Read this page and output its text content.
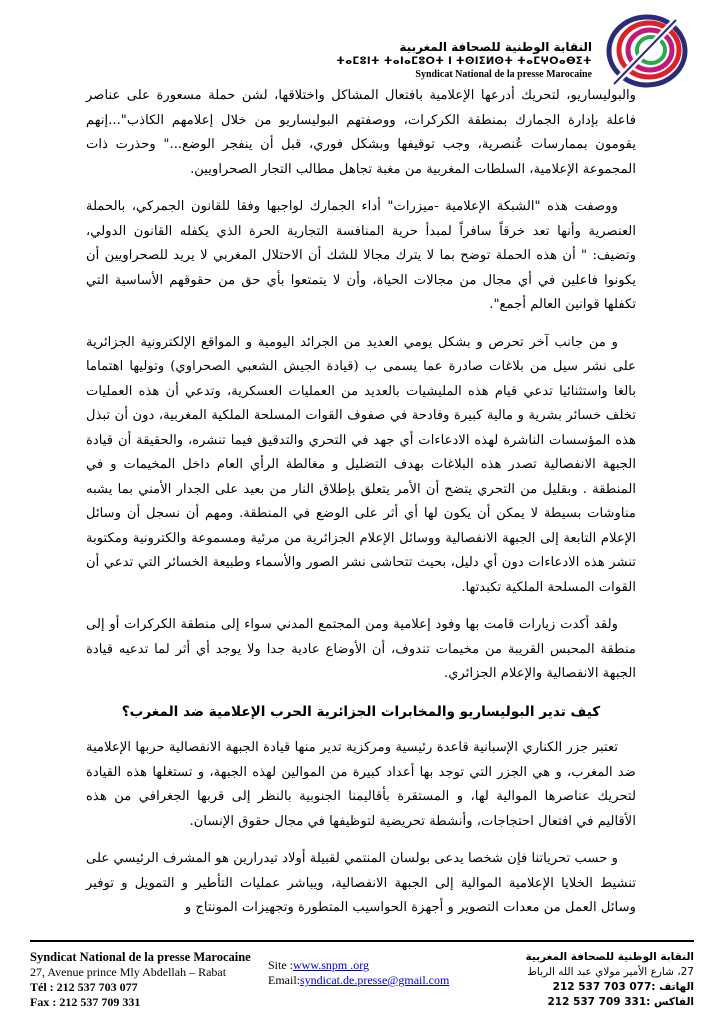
النقابة الوطنية للصحافة المغربية
ⵜⴰⵎⵓⵏⵜ ⵜⴰⵏⴰⵎⵓⵔⵜ ⵏ ⵜⵙⵏⵉⵍⵙⵜ ⵜⴰⵎⵖⵔⴰⴱⵉⵜ
Syndicat National de la presse Marocaine

والبوليساريو، لتحريك أدرعها الإعلامية بافتعال المشاكل واختلاقها، لشن حملة مسعورة على عناصر فاعلة بإدارة الجمارك بمنطقة الكركرات، ووصفتهم البوليساريو من خلال إعلامهم الكاذب"...إنهم يقومون بممارسات عُنصرية، وجب توقيفها وبشكل فوري، قبل أن ينفجر الوضع..." وحذرت ذات المجموعة الإعلامية، السلطات المغربية من مغبة تجاهل مطالب التجار الصحراويين.

ووصفت هذه "الشبكة الإعلامية -ميزرات" أداء الجمارك لواجبها وفقا للقانون الجمركي، بالحملة العنصرية وأنها تعد خرقاً سافراً لمبدأ حرية المنافسة التجارية الحرة الذي يكفله القانون الدولي، وتضيف: " أن هذه الحملة توضح بما لا يترك مجالا للشك أن الاحتلال المغربي لا يريد للصحراويين أن يكونوا فاعلين في أي مجال من مجالات الحياة، وأن لا يتمتعوا بأي حق من حقوقهم الأساسية التي تكفلها قوانين العالم أجمع".

و من جانب آخر تحرص و بشكل يومي العديد من الجرائد اليومية و المواقع الإلكترونية الجزائرية على نشر سيل من بلاغات صادرة عما يسمى ب (قيادة الجيش الشعبي الصحراوي) وتوليها اهتماما بالغا واستثنائيا تدعي قيام هذه المليشيات بالعديد من العمليات العسكرية، وتدعي أن هذه العمليات تخلف خسائر بشرية و مالية كبيرة وفادحة في صفوف القوات المسلحة الملكية المغربية، دون أن تبذل هذه المؤسسات الناشرة لهذه الادعاءات أي جهد في التحري والتدقيق فيما تنشره، والحقيقة أن قيادة الجبهة الانفصالية تصدر هذه البلاغات بهدف التضليل و مغالطة الرأي العام داخل المخيمات و في المنطقة . وبقليل من التحري يتضح أن الأمر يتعلق بإطلاق النار من بعيد على الجدار الأمني بما يشبه مناوشات بسيطة لا يمكن أن يكون لها أي أثر على الوضع في المنطقة. ومهم أن نسجل أن وسائل الإعلام التابعة إلى الجبهة الانفصالية ووسائل الإعلام الجزائرية من مرئية ومسموعة والكترونية ومكتوبة تنشر هذه الادعاءات دون أي دليل، بحيث تتحاشى نشر الصور والأسماء وطبيعة الخسائر التي تدعي أن القوات المسلحة الملكية تكبدتها.

ولقد أكدت زيارات قامت بها وفود إعلامية ومن المجتمع المدني سواء إلى منطقة الكركرات أو إلى منطقة المحبس القريبة من مخيمات تندوف، أن الأوضاع عادية جدا ولا يوجد أي أثر لما تدعيه قيادة الجبهة الانفصالية والإعلام الجزائري.

كيف تدير البوليساريو والمخابرات الجزائرية الحرب الإعلامية ضد المغرب؟

تعتبر جزر الكناري الإسبانية قاعدة رئيسية ومركزية تدير منها قيادة الجبهة الانفصالية حربها الإعلامية ضد المغرب، و هي الجزر التي توجد بها أعداد كبيرة من الموالين لهذه الجبهة، و تستغلها هذه القيادة لتحريك عناصرها الموالية لها، و المستقرة بأقاليمنا الجنوبية بالنظر إلى قربها الجغرافي من هذه الأقاليم في افتعال احتجاجات، وأنشطة تحريضية لتوظيفها في مجال حقوق الإنسان.

و حسب تحرياتنا فإن شخصا يدعى بولسان المنتمي لقبيلة أولاد تيدرارين هو المشرف الرئيسي على تنشيط الخلايا الإعلامية الموالية إلى الجبهة الانفصالية، ويباشر عمليات التأطير و التمويل و توفير وسائل العمل من معدات التصوير و أجهزة الحواسيب المتطورة وتجهيزات المونتاج و

Syndicat National de la presse Marocaine
27, Avenue prince Mly Abdellah – Rabat
Tél : 212 537 703 077
Fax : 212 537 709 331
Site :www.snpm .org
Email:syndicat.de.presse@gmail.com
النقابة الوطنية للصحافة المغربية
27، شارع الأمير مولاي عبد الله الرباط
الهاتف :212 537 703 077
الفاكس :212 537 709 331
